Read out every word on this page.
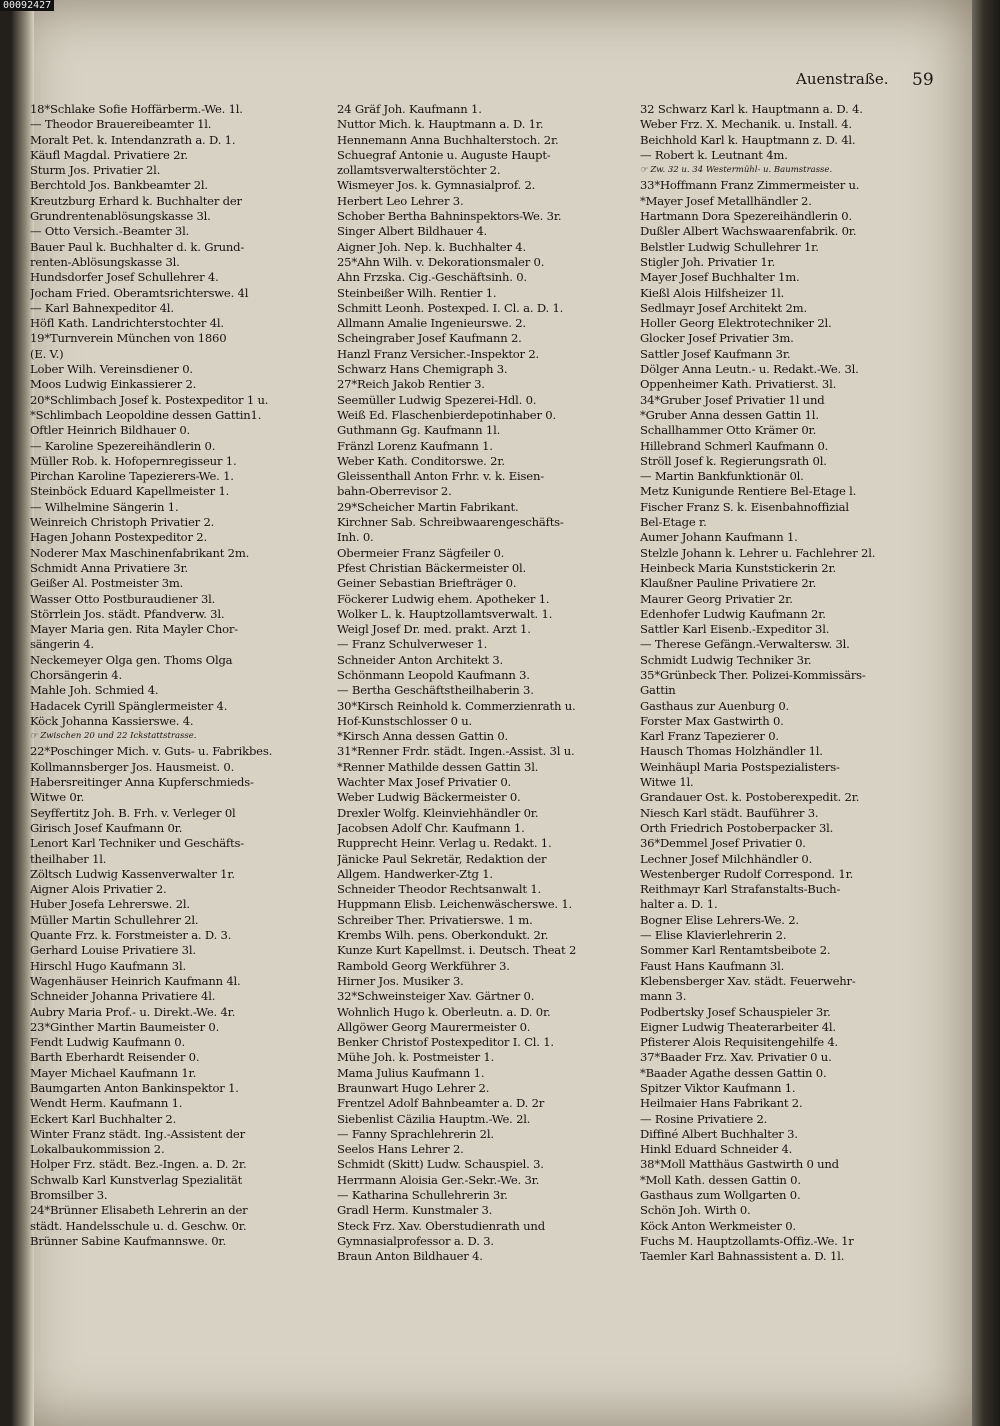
Auenstraße. 59
18*Schlake Sofie Hoffärberm.-We. 1l.
— Theodor Brauereibeamter 1l.
Moralt Pet. k. Intendanzrath a. D. 1.
Käufl Magdal. Privatiere 2r.
Sturm Jos. Privatier 2l.
Berchtold Jos. Bankbeamter 2l.
Kreutzburg Erhard k. Buchhalter der
Grundrentenablösungskasse 3l.
— Otto Versich.-Beamter 3l.
Bauer Paul k. Buchhalter d. k. Grund-
renten-Ablösungskasse 3l.
Hundsdorfer Josef Schullehrer 4.
Jocham Fried. Oberamtsrichterswe. 4l
— Karl Bahnexpeditor 4l.
Höfl Kath. Landrichterstochter 4l.
19*Turnverein München von 1860
(E. V.)
Lober Wilh. Vereinsdiener 0.
Moos Ludwig Einkassierer 2.
20*Schlimbach Josef k. Postexpeditor 1 u.
*Schlimbach Leopoldine dessen Gattin1.
Oftler Heinrich Bildhauer 0.
— Karoline Spezereihändlerin 0.
Müller Rob. k. Hofopernregisseur 1.
Pirchan Karoline Tapezierers-We. 1.
Steinböck Eduard Kapellmeister 1.
— Wilhelmine Sängerin 1.
Weinreich Christoph Privatier 2.
Hagen Johann Postexpeditor 2.
Noderer Max Maschinenfabrikant 2m.
Schmidt Anna Privatiere 3r.
Geißer Al. Postmeister 3m.
Wasser Otto Postburaudiener 3l.
Störrlein Jos. städt. Pfandverw. 3l.
Mayer Maria gen. Rita Mayler Chor-
sängerin 4.
Neckemeyer Olga gen. Thoms Olga
Chorsängerin 4.
Mahle Joh. Schmied 4.
Hadacek Cyrill Spänglermeister 4.
Köck Johanna Kassierswe. 4.
☞ Zwischen 20 und 22 Ickstattstrasse.
22*Poschinger Mich. v. Guts- u. Fabrikbes.
Kollmannsberger Jos. Hausmeist. 0.
Habersreitinger Anna Kupferschmieds-
Witwe 0r.
Seyffertitz Joh. B. Frh. v. Verleger 0l
Girisch Josef Kaufmann 0r.
Lenort Karl Techniker und Geschäfts-
theilhaber 1l.
Zöltsch Ludwig Kassenverwalter 1r.
Aigner Alois Privatier 2.
Huber Josefa Lehrerswe. 2l.
Müller Martin Schullehrer 2l.
Quante Frz. k. Forstmeister a. D. 3.
Gerhard Louise Privatiere 3l.
Hirschl Hugo Kaufmann 3l.
Wagenhäuser Heinrich Kaufmann 4l.
Schneider Johanna Privatiere 4l.
Aubry Maria Prof.- u. Direkt.-We. 4r.
23*Ginther Martin Baumeister 0.
Fendt Ludwig Kaufmann 0.
Barth Eberhardt Reisender 0.
Mayer Michael Kaufmann 1r.
Baumgarten Anton Bankinspektor 1.
Wendt Herm. Kaufmann 1.
Eckert Karl Buchhalter 2.
Winter Franz städt. Ing.-Assistent der
Lokalbaukommission 2.
Holper Frz. städt. Bez.-Ingen. a. D. 2r.
Schwalb Karl Kunstverlag Spezialität
Bromsilber 3.
24*Brünner Elisabeth Lehrerin an der
städt. Handelsschule u. d. Geschw. 0r.
Brünner Sabine Kaufmannswe. 0r.
24 Gräf Joh. Kaufmann 1.
Nuttor Mich. k. Hauptmann a. D. 1r.
Hennemann Anna Buchhalterstoch. 2r.
Schuegraf Antonie u. Auguste Haupt-
zollamtsverwalterstöchter 2.
Wismeyer Jos. k. Gymnasialprof. 2.
Herbert Leo Lehrer 3.
Schober Bertha Bahninspektors-We. 3r.
Singer Albert Bildhauer 4.
Aigner Joh. Nep. k. Buchhalter 4.
25*Ahn Wilh. v. Dekorationsmaler 0.
Ahn Frzska. Cig.-Geschäftsinh. 0.
Steinbeißer Wilh. Rentier 1.
Schmitt Leonh. Postexped. I. Cl. a. D. 1.
Allmann Amalie Ingenieurswe. 2.
Scheingraber Josef Kaufmann 2.
Hanzl Franz Versicher.-Inspektor 2.
Schwarz Hans Chemigraph 3.
27*Reich Jakob Rentier 3.
Seemüller Ludwig Spezerei-Hdl. 0.
Weiß Ed. Flaschenbierdepotinhaber 0.
Guthmann Gg. Kaufmann 1l.
Fränzl Lorenz Kaufmann 1.
Weber Kath. Conditorswe. 2r.
Gleissenthall Anton Frhr. v. k. Eisen-
bahn-Oberrevisor 2.
29*Scheicher Martin Fabrikant.
Kirchner Sab. Schreibwaarengeschäfts-
Inh. 0.
Obermeier Franz Sägfeiler 0.
Pfest Christian Bäckermeister 0l.
Geiner Sebastian Briefträger 0.
Föckerer Ludwig ehem. Apotheker 1.
Wolker L. k. Hauptzollamtsverwalt. 1.
Weigl Josef Dr. med. prakt. Arzt 1.
— Franz Schulverweser 1.
Schneider Anton Architekt 3.
Schönmann Leopold Kaufmann 3.
— Bertha Geschäftstheilhaberin 3.
30*Kirsch Reinhold k. Commerzienrath u.
Hof-Kunstschlosser 0 u.
*Kirsch Anna dessen Gattin 0.
31*Renner Frdr. städt. Ingen.-Assist. 3l u.
*Renner Mathilde dessen Gattin 3l.
Wachter Max Josef Privatier 0.
Weber Ludwig Bäckermeister 0.
Drexler Wolfg. Kleinviehhändler 0r.
Jacobsen Adolf Chr. Kaufmann 1.
Rupprecht Heinr. Verlag u. Redakt. 1.
Jänicke Paul Sekretär, Redaktion der
Allgem. Handwerker-Ztg 1.
Schneider Theodor Rechtsanwalt 1.
Huppmann Elisb. Leichenwäscherswe. 1.
Schreiber Ther. Privatierswe. 1 m.
Krembs Wilh. pens. Oberkondukt. 2r.
Kunze Kurt Kapellmst. i. Deutsch. Theat 2
Rambold Georg Werkführer 3.
Hirner Jos. Musiker 3.
32*Schweinsteiger Xav. Gärtner 0.
Wohnlich Hugo k. Oberleutn. a. D. 0r.
Allgöwer Georg Maurermeister 0.
Benker Christof Postexpeditor I. Cl. 1.
Mühe Joh. k. Postmeister 1.
Mama Julius Kaufmann 1.
Braunwart Hugo Lehrer 2.
Frentzel Adolf Bahnbeamter a. D. 2r
Siebenlist Cäzilia Hauptm.-We. 2l.
— Fanny Sprachlehrerin 2l.
Seelos Hans Lehrer 2.
Schmidt (Skitt) Ludw. Schauspiel. 3.
Herrmann Aloisia Ger.-Sekr.-We. 3r.
— Katharina Schullehrerin 3r.
Gradl Herm. Kunstmaler 3.
Steck Frz. Xav. Oberstudienrath und
Gymnasialprofessor a. D. 3.
Braun Anton Bildhauer 4.
32 Schwarz Karl k. Hauptmann a. D. 4.
Weber Frz. X. Mechanik. u. Install. 4.
Beichhold Karl k. Hauptmann z. D. 4l.
— Robert k. Leutnant 4m.
☞ Zw. 32 u. 34 Westermühl- u. Baumstrasse.
33*Hoffmann Franz Zimmermeister u.
*Mayer Josef Metallhändler 2.
Hartmann Dora Spezereihändlerin 0.
Dußler Albert Wachswaarenfabrik. 0r.
Belstler Ludwig Schullehrer 1r.
Stigler Joh. Privatier 1r.
Mayer Josef Buchhalter 1m.
Kießl Alois Hilfsheizer 1l.
Sedlmayr Josef Architekt 2m.
Holler Georg Elektrotechniker 2l.
Glocker Josef Privatier 3m.
Sattler Josef Kaufmann 3r.
Dölger Anna Leutn.- u. Redakt.-We. 3l.
Oppenheimer Kath. Privatierst. 3l.
34*Gruber Josef Privatier 1l und
*Gruber Anna dessen Gattin 1l.
Schallhammer Otto Krämer 0r.
Hillebrand Schmerl Kaufmann 0.
Ströll Josef k. Regierungsrath 0l.
— Martin Bankfunktionär 0l.
Metz Kunigunde Rentiere Bel-Etage l.
Fischer Franz S. k. Eisenbahnoffizial
Bel-Etage r.
Aumer Johann Kaufmann 1.
Stelzle Johann k. Lehrer u. Fachlehrer 2l.
Heinbeck Maria Kunststickerin 2r.
Klaußner Pauline Privatiere 2r.
Maurer Georg Privatier 2r.
Edenhofer Ludwig Kaufmann 2r.
Sattler Karl Eisenb.-Expeditor 3l.
— Therese Gefängn.-Verwaltersw. 3l.
Schmidt Ludwig Techniker 3r.
35*Grünbeck Ther. Polizei-Kommissärs-
Gattin
Gasthaus zur Auenburg 0.
Forster Max Gastwirth 0.
Karl Franz Tapezierer 0.
Hausch Thomas Holzhändler 1l.
Weinhäupl Maria Postspezialisters-
Witwe 1l.
Grandauer Ost. k. Postoberexpedit. 2r.
Niesch Karl städt. Bauführer 3.
Orth Friedrich Postoberpacker 3l.
36*Demmel Josef Privatier 0.
Lechner Josef Milchhändler 0.
Westenberger Rudolf Correspond. 1r.
Reithmayr Karl Strafanstalts-Buch-
halter a. D. 1.
Bogner Elise Lehrers-We. 2.
— Elise Klavierlehrerin 2.
Sommer Karl Rentamtsbeibote 2.
Faust Hans Kaufmann 3l.
Klebensberger Xav. städt. Feuerwehr-
mann 3.
Podbertsky Josef Schauspieler 3r.
Eigner Ludwig Theaterarbeiter 4l.
Pfisterer Alois Requisitengehilfe 4.
37*Baader Frz. Xav. Privatier 0 u.
*Baader Agathe dessen Gattin 0.
Spitzer Viktor Kaufmann 1.
Heilmaier Hans Fabrikant 2.
— Rosine Privatiere 2.
Diffiné Albert Buchhalter 3.
Hinkl Eduard Schneider 4.
38*Moll Matthäus Gastwirth 0 und
*Moll Kath. dessen Gattin 0.
Gasthaus zum Wollgarten 0.
Schön Joh. Wirth 0.
Köck Anton Werkmeister 0.
Fuchs M. Hauptzollamts-Offiz.-We. 1r
Taemler Karl Bahnassistent a. D. 1l.
00092427
